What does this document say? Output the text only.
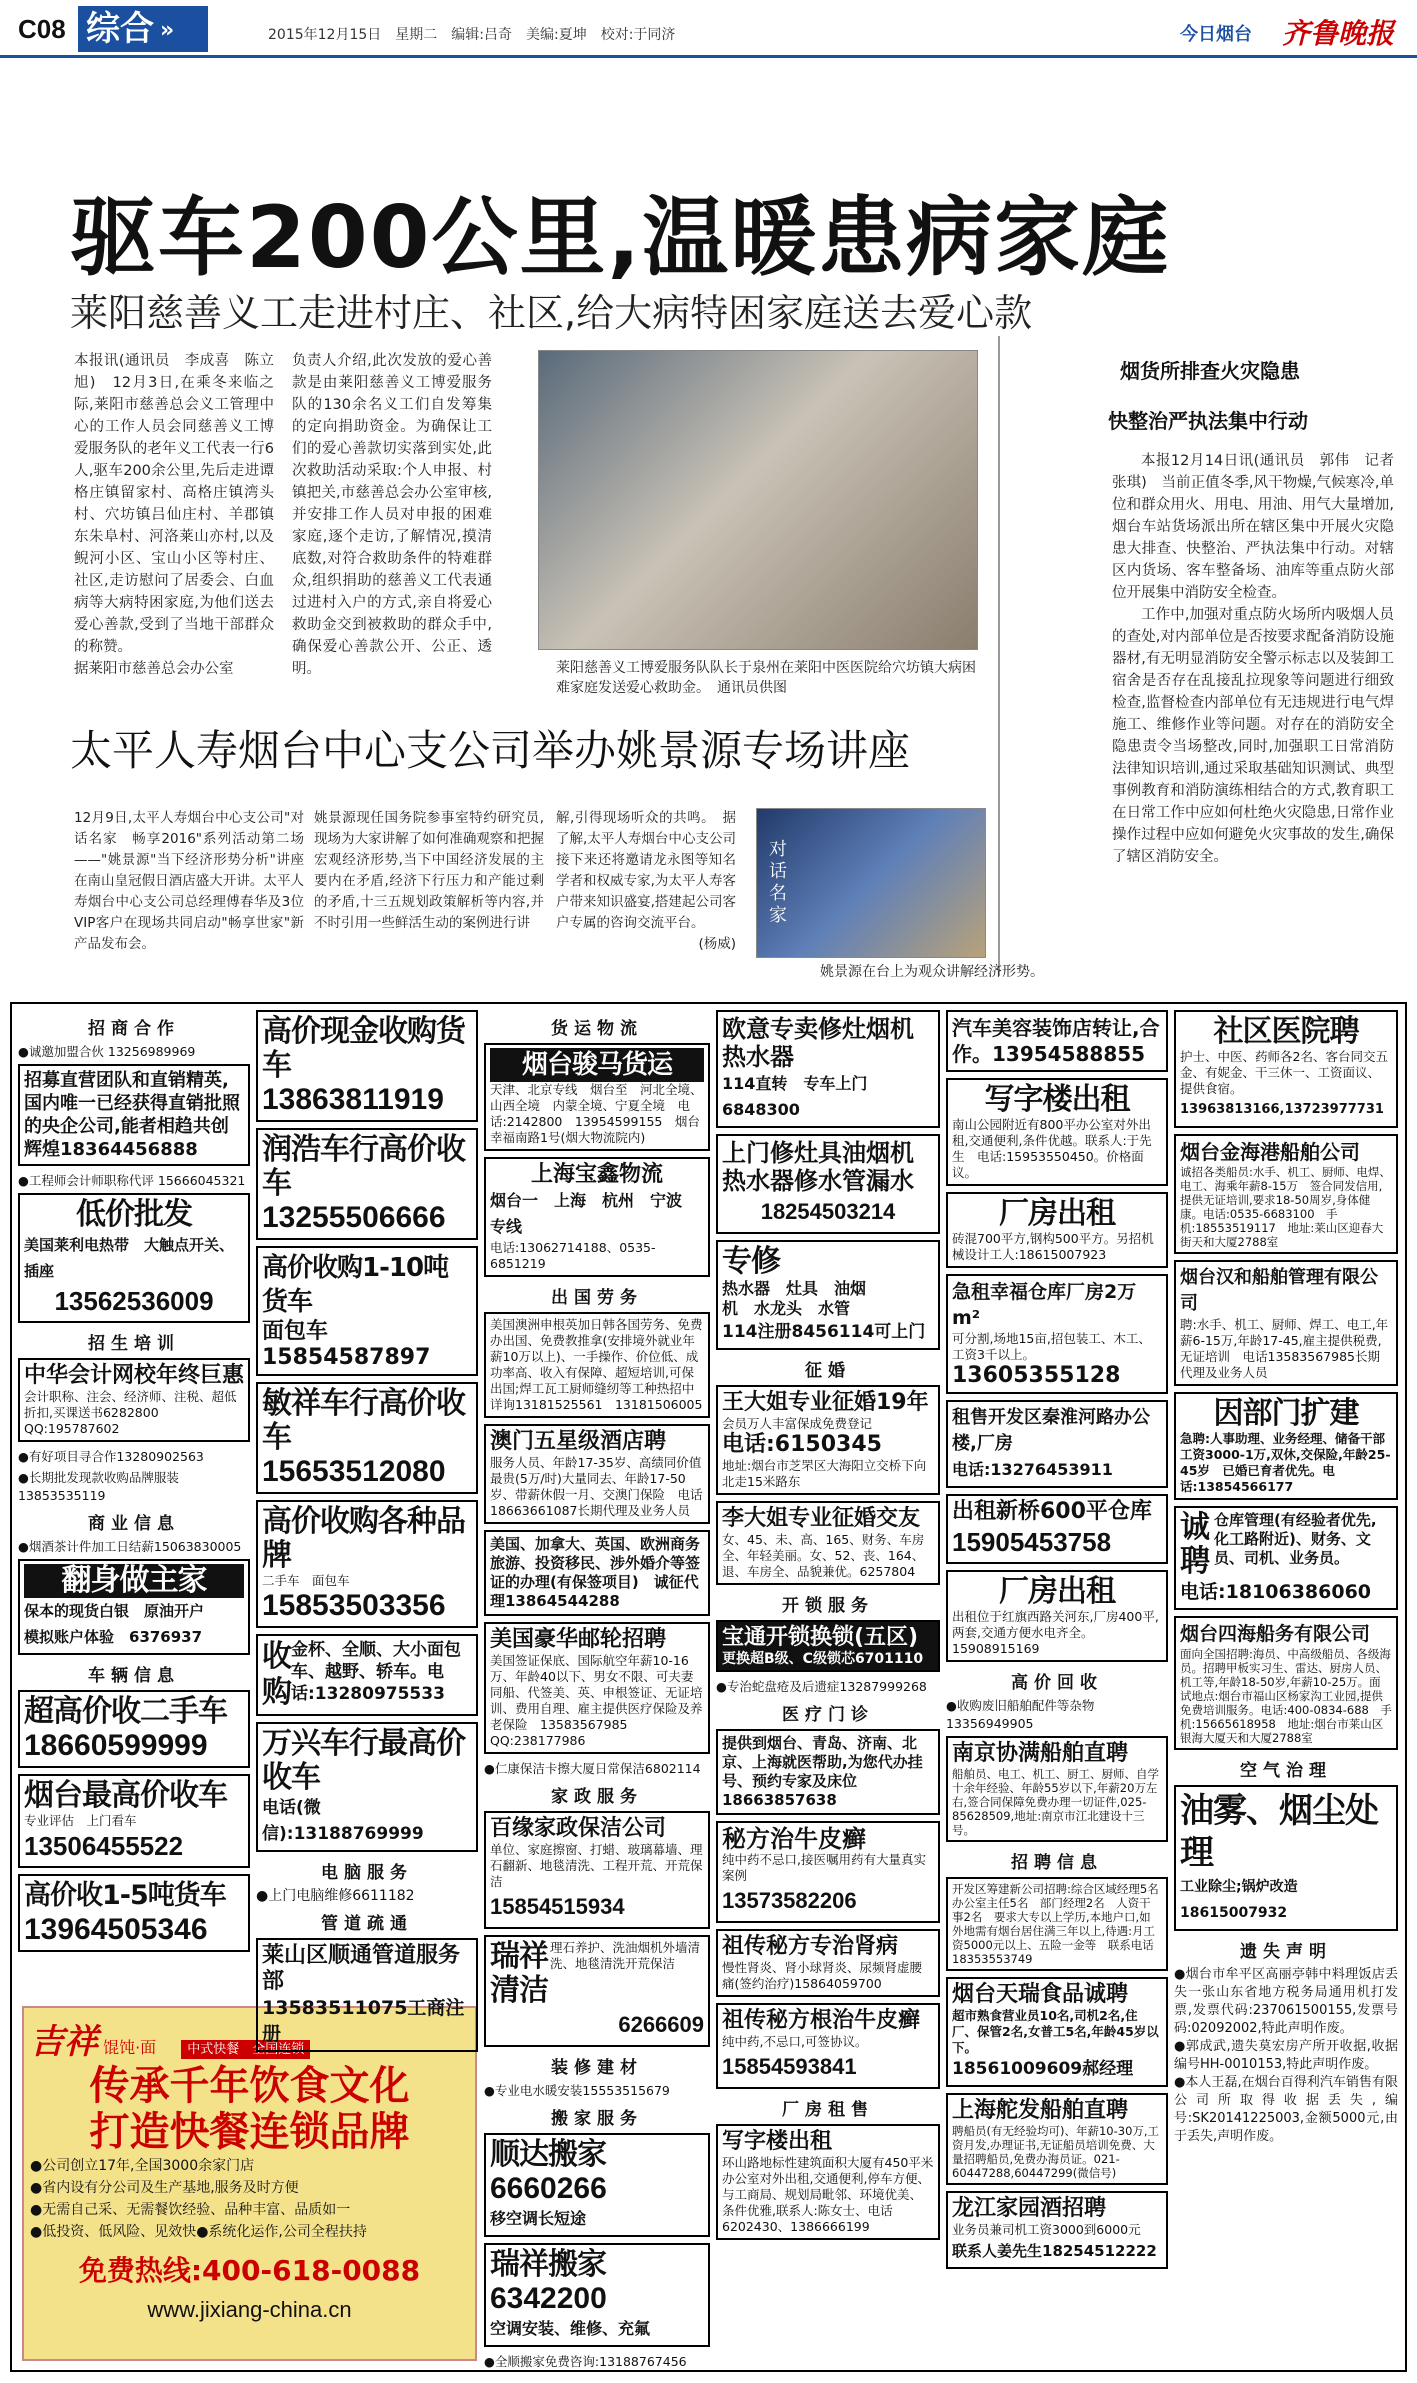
C08 综合 »	2015年12月15日　星期二　编辑:吕奇　美编:夏坤　校对:于同济	今日烟台 齐鲁晚报
驱车200公里,温暖患病家庭
莱阳慈善义工走进村庄、社区,给大病特困家庭送去爱心款
本报讯(通讯员　李成喜　陈立旭)　12月3日,在乘冬来临之际,莱阳市慈善总会义工管理中心的工作人员会同慈善义工博爱服务队的老年义工代表一行6人,驱车200余公里,先后走进谭格庄镇留家村、高格庄镇湾头村、穴坊镇吕仙庄村、羊郡镇东朱阜村、河洛莱山亦村,以及鲵河小区、宝山小区等村庄、社区,走访慰问了居委会、白血病等大病特困家庭,为他们送去爱心善款,受到了当地干部群众的称赞。
据莱阳市慈善总会办公室
负责人介绍,此次发放的爱心善款是由莱阳慈善义工博爱服务队的130余名义工们自发筹集的定向捐助资金。为确保让工们的爱心善款切实落到实处,此次救助活动采取:个人申报、村镇把关,市慈善总会办公室审核,并安排工作人员对申报的困难家庭,逐个走访,了解情况,摸清底数,对符合救助条件的特难群众,组织捐助的慈善义工代表通过进村入户的方式,亲自将爱心救助金交到被救助的群众手中,确保爱心善款公开、公正、透明。	莱阳慈善义工博爱服务队队长于泉州在莱阳中医医院给穴坊镇大病困难家庭发送爱心救助金。　通讯员供图
烟货所排查火灾隐患
快整治严执法集中行动

本报12月14日讯(通讯员　郭伟　记者　张琪)　当前正值冬季,风干物燥,气候寒冷,单位和群众用火、用电、用油、用气大量增加,烟台车站货场派出所在辖区集中开展火灾隐患大排查、快整治、严执法集中行动。对辖区内货场、客车整备场、油库等重点防火部位开展集中消防安全检查。

工作中,加强对重点防火场所内吸烟人员的查处,对内部单位是否按要求配备消防设施器材,有无明显消防安全警示标志以及装卸工宿舍是否存在乱接乱拉现象等问题进行细致检查,监督检查内部单位有无违规进行电气焊施工、维修作业等问题。对存在的消防安全隐患责令当场整改,同时,加强职工日常消防法律知识培训,通过采取基础知识测试、典型事例教育和消防演练相结合的方式,教育职工在日常工作中应如何杜绝火灾隐患,日常作业操作过程中应如何避免火灾事故的发生,确保了辖区消防安全。

太平人寿烟台中心支公司举办姚景源专场讲座
12月9日,太平人寿烟台中心支公司"对话名家　畅享2016"系列活动第二场——"姚景源"当下经济形势分析"讲座在南山皇冠假日酒店盛大开讲。太平人寿烟台中心支公司总经理傅春华及3位VIP客户在现场共同启动"畅享世家"新产品发布会。
姚景源现任国务院参事室特约研究员,现场为大家讲解了如何准确观察和把握宏观经济形势,当下中国经济发展的主要内在矛盾,经济下行压力和产能过剩的矛盾,十三五规划政策解析等内容,并不时引用一些鲜活生动的案例进行讲
解,引得现场听众的共鸣。　据了解,太平人寿烟台中心支公司接下来还将邀请龙永图等知名学者和权威专家,为太平人寿客户带来知识盛宴,搭建起公司客户专属的咨询交流平台。

(杨威)
对话名家
姚景源在台上为观众讲解经济形势。
招商合作
●诚邀加盟合伙 13256989969
招募直营团队和直销精英,国内唯一已经获得直销批照的央企公司,能者相趋共创辉煌18364456888
●工程师会计师职称代评 15666045321
低价批发
美国莱利电热带　大触点开关、插座
13562536009
招生培训
中华会计网校年终巨惠
会计职称、注会、经济师、注税、超低折扣,买课送书6282800　QQ:195787602
●有好项目寻合作13280902563
●长期批发现款收购品牌服装13853535119
商业信息
●烟酒茶计件加工日结薪15063830005
翻身做主家
保本的现货白银　原油开户
模拟账户体验　6376937
车辆信息
超高价收二手车
18660599999
烟台最高价收车
专业评估　上门看车
13506455522
高价收1-5吨货车
13964505346
吉祥 馄饨·面 中式快餐　全国连锁
传承千年饮食文化
打造快餐连锁品牌
●公司创立17年,全国3000余家门店
●省内设有分公司及生产基地,服务及时方便
●无需自己采、无需餐饮经验、品种丰富、品质如一
●低投资、低风险、见效快●系统化运作,公司全程扶持
免费热线:400-618-0088
www.jixiang-china.cn
高价现金收购货车
13863811919
润浩车行高价收车
13255506666
高价收购1-10吨货车
面包车15854587897
敏祥车行高价收车
15653512080
高价收购各种品牌
二手车　面包车
15853503356
收购
金杯、全顺、大小面包车、越野、轿车。电话:13280975533
万兴车行最高价收车
电话(微信):13188769999
电脑服务
●上门电脑维修6611182
管道疏通
莱山区顺通管道服务部
13583511075工商注册
货运物流
烟台骏马货运
天津、北京专线　烟台至　河北全境、山西全境　内蒙全境、宁夏全境　电话:2142800　13954599155　烟台幸福南路1号(烟大物流院内)
上海宝鑫物流
烟台一　上海　杭州　宁波　专线
电话:13062714188、0535-6851219
出国劳务
美国澳洲申根英加日韩各国劳务、免费办出国、免费教推拿(安排境外就业年薪10万以上)、一手操作、价位低、成功率高、收入有保障、超短培训,可保出国;焊工瓦工厨师缝纫等工种热招中　详询13181525561　13181506005
澳门五星级酒店聘
服务人员、年龄17-35岁、高绩同价值最贵(5万/时)大量同去、年龄17-50岁、带薪休假一月、交澳门保险　电话18663661087长期代理及业务人员
美国、加拿大、英国、欧洲商务旅游、投资移民、涉外婚介等签证的办理(有保签项目)　诚征代理13864544288
美国豪华邮轮招聘
美国签证保底、国际航空年薪10-16万、年龄40以下、男女不限、可夫妻同船、代签美、英、申根签证、无证培训、费用自理、雇主提供医疗保险及养老保险　13583567985　QQ:238177986
●仁康保洁卡擦大厦日常保洁6802114
家政服务
百缘家政保洁公司
单位、家庭擦窗、打蜡、玻璃幕墙、理石翻新、地毯清洗、工程开荒、开荒保洁
15854515934
瑞祥清洁
理石养护、洗油烟机外墙清洗、地毯清洗开荒保洁
6266609
装修建材
●专业电水暖安装15553515679
搬家服务
顺达搬家 6660266
移空调长短途
瑞祥搬家 6342200
空调安装、维修、充氟
●全顺搬家免费咨询:13188767456
欧意专卖修灶烟机热水器
114直转　专车上门6848300
上门修灶具油烟机热水器修水管漏水
18254503214
专修
热水器　灶具　油烟机　水龙头　水管
114注册8456114可上门
征婚
王大姐专业征婚19年
会员万人丰富保成免费登记
电话:6150345
地址:烟台市芝罘区大海阳立交桥下向北走15米路东
李大姐专业征婚交友
女、45、未、高、165、财务、车房全、年轻美丽。女、52、丧、164、退、车房全、品貌兼优。6257804
开锁服务
宝通开锁换锁(五区)
更换超B级、C级锁芯6701110
●专治蛇盘疮及后遗症13287999268
医疗门诊
提供到烟台、青岛、济南、北京、上海就医帮助,为您代办挂号、预约专家及床位18663857638
秘方治牛皮癣
纯中药不忌口,接医嘱用药有大量真实案例
13573582206
祖传秘方专治肾病
慢性肾炎、肾小球肾炎、尿频肾虚腰痛(签约治疗)15864059700
祖传秘方根治牛皮癣
纯中药,不忌口,可签协议。
15854593841
厂房租售
写字楼出租
环山路地标性建筑面积大厦有450平米办公室对外出租,交通便利,停车方便、与工商局、规划局毗邻、环境优美、条件优雅,联系人:陈女士、电话6202430、1386666199
汽车美容装饰店转让,合作。13954588855
写字楼出租
南山公园附近有800平办公室对外出租,交通便利,条件优越。联系人:于先生　电话:15953550450。价格面议。
厂房出租
砖混700平方,钢构500平方。另招机械设计工人:18615007923
急租幸福仓库厂房2万m²
可分割,场地15亩,招包装工、木工、工资3千以上。
13605355128
租售开发区秦淮河路办公楼,厂房
电话:13276453911
出租新桥600平仓库
15905453758
厂房出租
出租位于红旗西路关河东,厂房400平,两套,交通方便水电齐全。15908915169
高价回收
●收购废旧船舶配件等杂物13356949905
南京协满船舶直聘
船舶员、电工、机工、厨工、厨师、自学十余年经验、年龄55岁以下,年薪20万左右,签合同保障免费办理一切证件,025-85628509,地址:南京市江北建设十三号。
招聘信息
开发区筹建新公司招聘:综合区域经理5名　办公室主任5名　部门经理2名　人资干事2名　要求大专以上学历,本地户口,如外地需有烟台居住满三年以上,待遇:月工资5000元以上、五险一金等　联系电话18353553749
烟台天瑞食品诚聘
超市熟食营业员10名,司机2名,住厂、保管2名,女普工5名,年龄45岁以下。
18561009609郝经理
上海舵发船舶直聘
聘船员(有无经验均可)、年薪10-30万,工资月发,办理证书,无证船员培训免费、大量招聘船员,免费办海员证。021-60447288,60447299(微信号)
龙江家园酒招聘
业务员兼司机工资3000到6000元
联系人姜先生18254512222
社区医院聘
护士、中医、药师各2名、客台同交五金、有妮金、干三休一、工资面议、提供食宿。
13963813166,13723977731
烟台金海港船舶公司
诚招各类船员:水手、机工、厨师、电焊、电工、海乘年薪8-15万　签合同发信用,提供无证培训,要求18-50周岁,身体健康。电话:0535-6683100　手机:18553519117　地址:莱山区迎春大街天和大厦2788室
烟台汉和船舶管理有限公司
聘:水手、机工、厨师、焊工、电工,年薪6-15万,年龄17-45,雇主提供税费,无证培训　电话13583567985长期代理及业务人员
因部门扩建
急聘:人事助理、业务经理、储备干部　工资3000-1万,双休,交保险,年龄25-45岁　已婚已育者优先。电话:13854566177
诚聘
仓库管理(有经验者优先,化工路附近)、财务、文员、司机、业务员。
电话:18106386060
烟台四海船务有限公司
面向全国招聘:海员、中高级船员、各级海员。招聘甲板实习生、雷达、厨房人员、机工等,年龄18-50岁,年薪10-25万。面试地点:烟台市福山区杨家沟工业园,提供免费培训服务。电话:400-0834-688　手机:15665618958　地址:烟台市莱山区银海大厦天和大厦2788室
空气治理
油雾、烟尘处理
工业除尘;锅炉改造18615007932
遗失声明
●烟台市牟平区高丽亭韩中料理饭店丢失一张山东省地方税务局通用机打发票,发票代码:237061500155,发票号码:02092002,特此声明作废。
●郭成武,遗失莫宏房产所开收据,收据编号HH-0010153,特此声明作废。
●本人王磊,在烟台百得利汽车销售有限公司所取得收据丢失,编号:SK20141225003,金额5000元,由于丢失,声明作废。
